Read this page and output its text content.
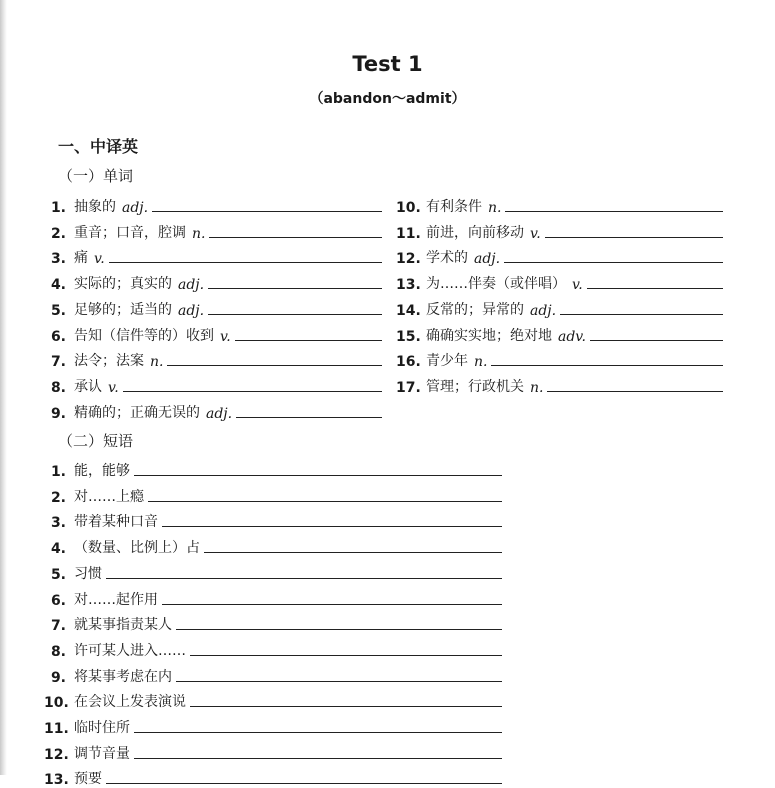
Test 1
（abandon～admit）
一、中译英
（一）单词
（二）短语
1. 抽象的 adj.
2. 重音；口音，腔调 n.
3. 痛 v.
4. 实际的；真实的 adj.
5. 足够的；适当的 adj.
6. 告知（信件等的）收到 v.
7. 法令；法案 n.
8. 承认 v.
9. 精确的；正确无误的 adj.
10. 有利条件 n.
11. 前进，向前移动 v.
12. 学术的 adj.
13. 为……伴奏（或伴唱） v.
14. 反常的；异常的 adj.
15. 确确实实地；绝对地 adv.
16. 青少年 n.
17. 管理；行政机关 n.
1. 能，能够
2. 对……上瘾
3. 带着某种口音
4. （数量、比例上）占
5. 习惯
6. 对……起作用
7. 就某事指责某人
8. 许可某人进入……
9. 将某事考虑在内
10. 在会议上发表演说
11. 临时住所
12. 调节音量
13. 预要
